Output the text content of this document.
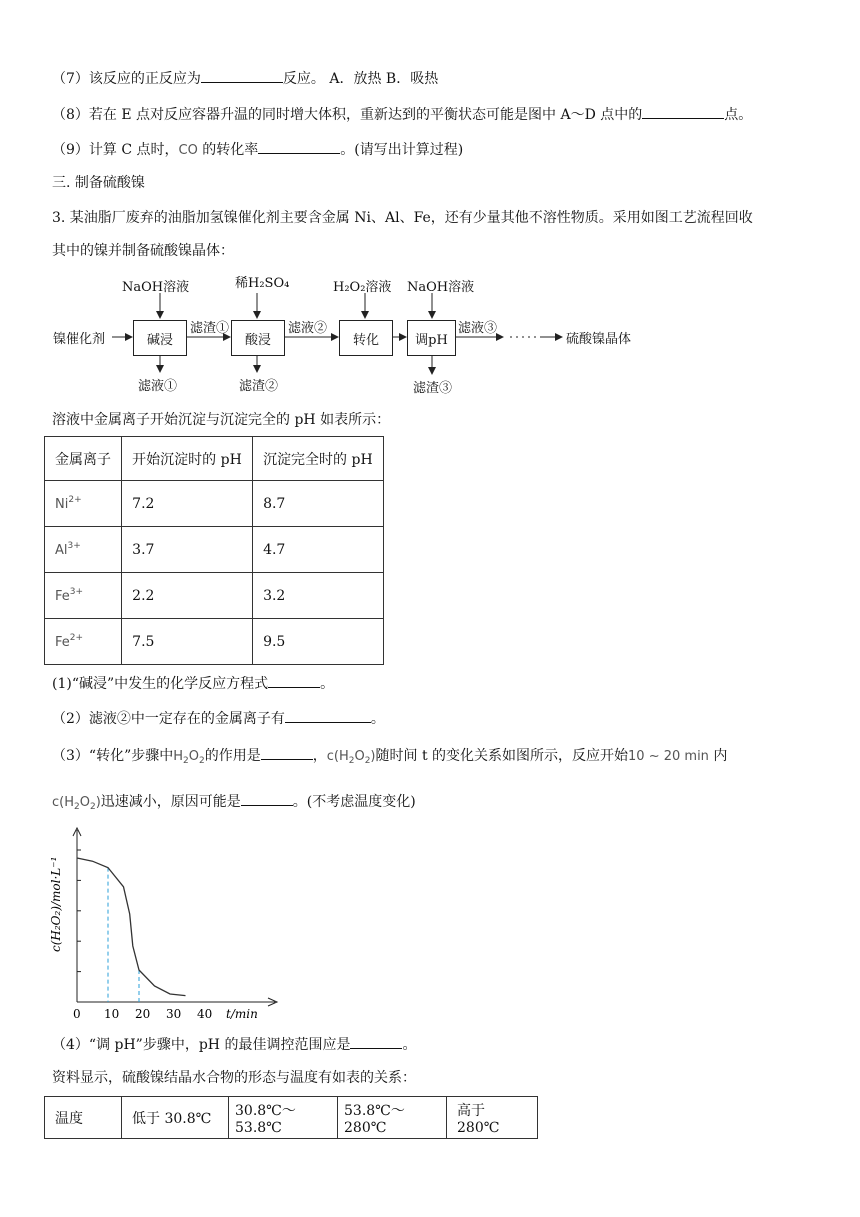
（7）该反应的正反应为	反应。 A．放热 B．吸热
（8）若在 E 点对反应容器升温的同时增大体积，重新达到的平衡状态可能是图中 A～D 点中的	点。
（9）计算 C 点时，CO 的转化率	。(请写出计算过程)
三. 制备硫酸镍
3. 某油脂厂废弃的油脂加氢镍催化剂主要含金属 Ni、Al、Fe，还有少量其他不溶性物质。采用如图工艺流程回收
其中的镍并制备硫酸镍晶体：
镍催化剂	碱浸
NaOH溶液
滤渣①
滤液①
酸浸
稀H₂SO₄
滤液②
滤渣②
转化
H₂O₂溶液
调pH
NaOH溶液
滤液③
滤渣③
硫酸镍晶体
溶液中金属离子开始沉淀与沉淀完全的 pH 如表所示：
金属离子	开始沉淀时的 pH	沉淀完全时的 pH
$Ni^{2+}$	7.2	8.7
$Al^{3+}$	3.7	4.7
$Fe^{3+}$	2.2	3.2
$Fe^{2+}$	7.5	9.5
(1)“碱浸”中发生的化学反应方程式	。
（2）滤液②中一定存在的金属离子有	。
（3）“转化”步骤中$H_2O_2$的作用是	，$c(H_2O_2)$随时间 t 的变化关系如图所示，反应开始10 ~ 20 min 内
$c(H_2O_2)$迅速减小，原因可能是	。(不考虑温度变化)
0 10 20 30 40
c(H₂O₂)/mol·L⁻¹
t/min
（4）“调 pH”步骤中，pH 的最佳调控范围应是	。
资料显示，硫酸镍结晶水合物的形态与温度有如表的关系：
温度	低于 30.8℃	30.8℃～53.8℃	53.8℃～280℃	高于 280℃
